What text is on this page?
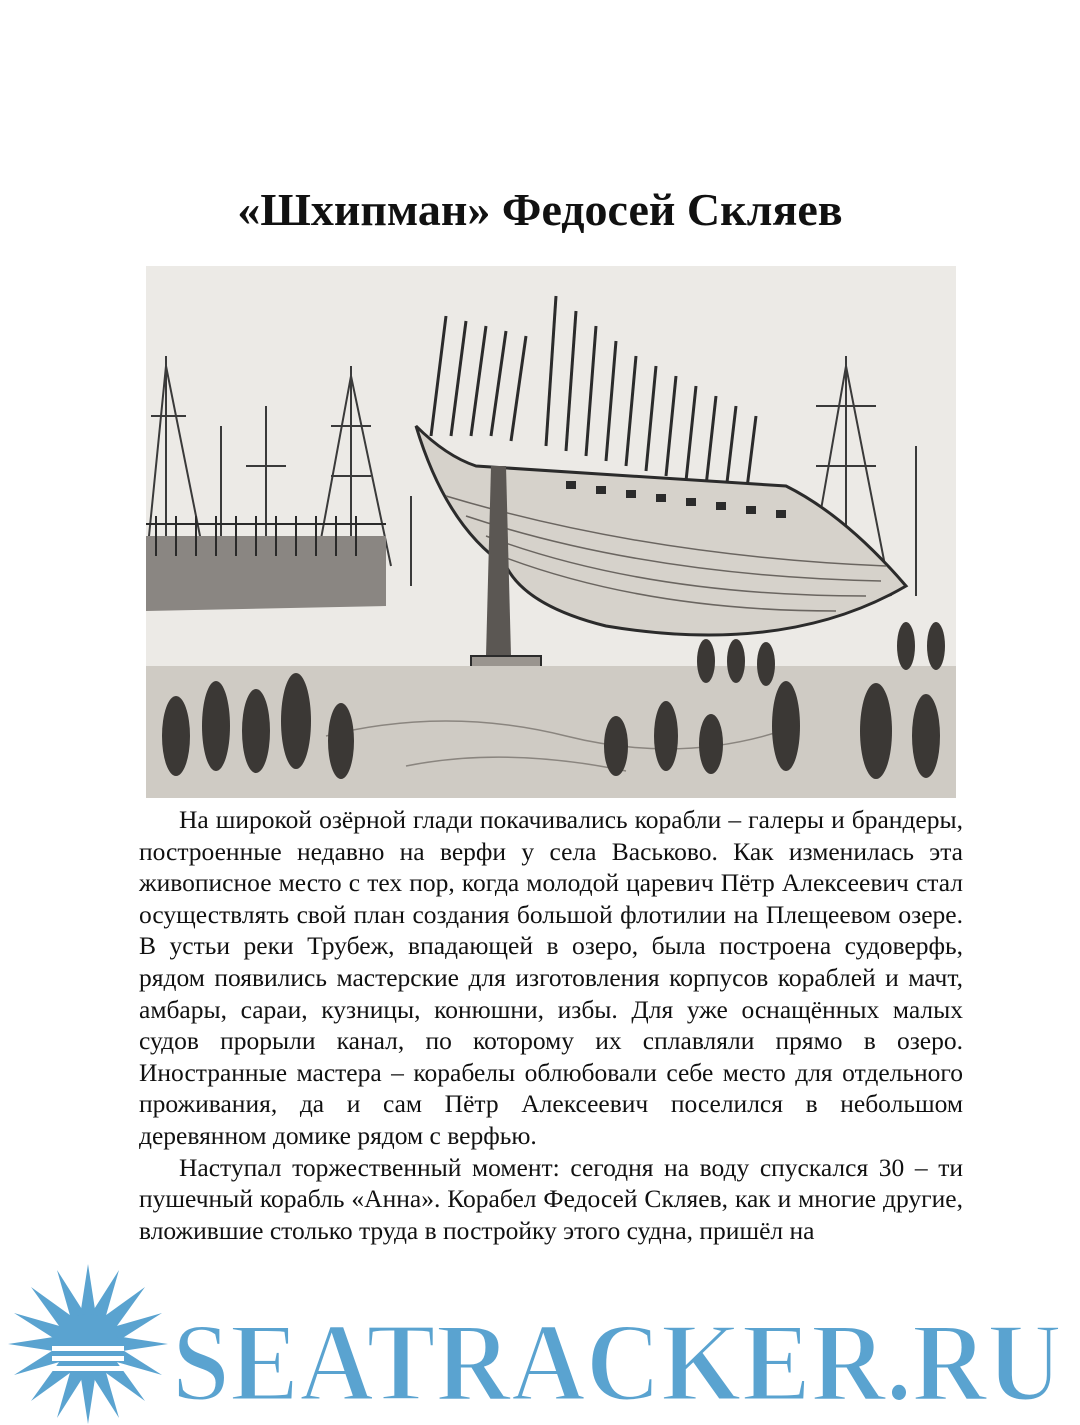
«Шхипман» Федосей Скляев

На широкой озёрной глади покачивались корабли – галеры и брандеры, построенные недавно на верфи у села Васьково. Как изменилась эта живописное место с тех пор, когда молодой царевич Пётр Алексеевич стал осуществлять свой план создания большой флотилии на Плещеевом озере. В устьи реки Трубеж, впадающей в озеро, была построена судоверфь, рядом появились мастерские для изготовления корпусов кораблей и мачт, амбары, сараи, кузницы, конюшни, избы. Для уже оснащённых малых судов прорыли канал, по которому их сплавляли прямо в озеро. Иностранные мастера – корабелы облюбовали себе место для отдельного проживания, да и сам Пётр Алексеевич поселился в небольшом деревянном домике рядом с верфью.

Наступал торжественный момент: сегодня на воду спускался 30 – ти пушечный корабль «Анна». Корабел Федосей Скляев, как и многие другие, вложившие столько труда в постройку этого судна, пришёл на

SEATRACKER.RU
